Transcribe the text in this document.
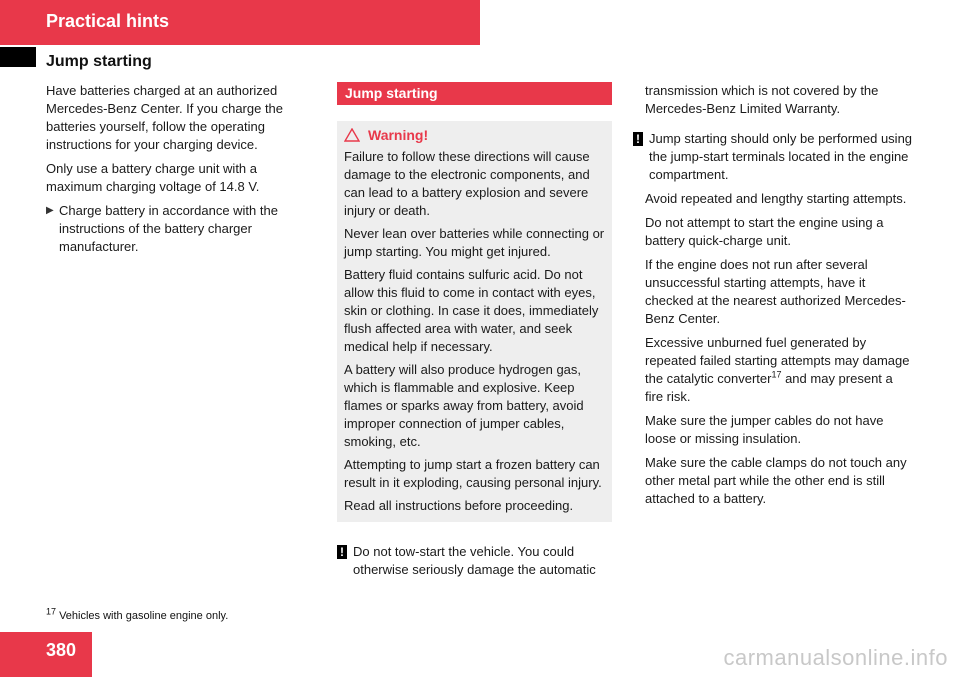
Practical hints
Jump starting

Have batteries charged at an authorized Mercedes-Benz Center. If you charge the batteries yourself, follow the operating instructions for your charging device.

Only use a battery charge unit with a maximum charging voltage of 14.8 V.

▶ Charge battery in accordance with the instructions of the battery charger manufacturer.

Jump starting
Warning!

Failure to follow these directions will cause damage to the electronic components, and can lead to a battery explosion and severe injury or death.

Never lean over batteries while connecting or jump starting. You might get injured.

Battery fluid contains sulfuric acid. Do not allow this fluid to come in contact with eyes, skin or clothing. In case it does, immediately flush affected area with water, and seek medical help if necessary.

A battery will also produce hydrogen gas, which is flammable and explosive. Keep flames or sparks away from battery, avoid improper connection of jumper cables, smoking, etc.

Attempting to jump start a frozen battery can result in it exploding, causing personal injury.

Read all instructions before proceeding.

! Do not tow-start the vehicle. You could otherwise seriously damage the automatic

transmission which is not covered by the Mercedes-Benz Limited Warranty.

! Jump starting should only be performed using the jump-start terminals located in the engine compartment.

Avoid repeated and lengthy starting attempts.

Do not attempt to start the engine using a battery quick-charge unit.

If the engine does not run after several unsuccessful starting attempts, have it checked at the nearest authorized Mercedes-Benz Center.

Excessive unburned fuel generated by repeated failed starting attempts may damage the catalytic converter$^{17}$ and may present a fire risk.

Make sure the jumper cables do not have loose or missing insulation.

Make sure the cable clamps do not touch any other metal part while the other end is still attached to a battery.

$^{17}$ Vehicles with gasoline engine only.
380	carmanualsonline.info
